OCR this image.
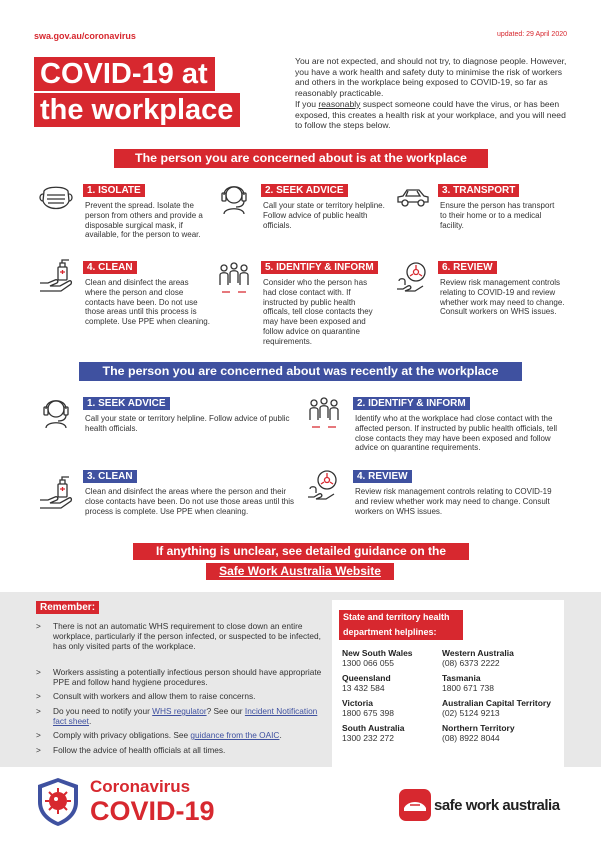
swa.gov.au/coronavirus	updated: 29 April 2020
COVID-19 at
the workplace
You are not expected, and should not try, to diagnose people. However, you have a work health and safety duty to minimise the risk of workers and others in the workplace being exposed to COVID-19, so far as reasonably practicable.
If you reasonably suspect someone could have the virus, or has been exposed, this creates a health risk at your workplace, and you will need to follow the steps below.
The person you are concerned about is at the workplace
1. ISOLATE
Prevent the spread. Isolate the person from others and provide a disposable surgical mask, if available, for the person to wear.
2. SEEK ADVICE
Call your state or territory helpline. Follow advice of public health officials.
3. TRANSPORT
Ensure the person has transport to their home or to a medical facility.
4. CLEAN
Clean and disinfect the areas where the person and close contacts have been. Do not use those areas until this process is complete. Use PPE when cleaning.
5. IDENTIFY & INFORM
Consider who the person has had close contact with. If instructed by public health officals, tell close contacts they may have been exposed and follow advice on quarantine requirements.
6. REVIEW
Review risk management controls relating to COVID-19 and review whether work may need to change. Consult workers on WHS issues.
The person you are concerned about was recently at the workplace
1. SEEK ADVICE
Call your state or territory helpline. Follow advice of public health officials.
2. IDENTIFY & INFORM
Identify who at the workplace had close contact with the affected person. If instructed by public health officials, tell close contacts they may have been exposed and follow advice on quarantine requirements.
3. CLEAN
Clean and disinfect the areas where the person and their close contacts have been. Do not use those areas until this process is complete. Use PPE when cleaning.
4. REVIEW
Review risk management controls relating to COVID-19 and review whether work may need to change. Consult workers on WHS issues.
If anything is unclear, see detailed guidance on the
Safe Work Australia Website
Remember:
> There is not an automatic WHS requirement to close down an entire workplace, particularly if the person infected, or suspected to be infected, has only visited parts of the workplace.
> Workers assisting a potentially infectious person should have appropriate PPE and follow hand hygiene procedures.
> Consult with workers and allow them to raise concerns.
> Do you need to notify your WHS regulator? See our Incident Notification fact sheet.
> Comply with privacy obligations. See guidance from the OAIC.
> Follow the advice of health officials at all times.
State and territory health department helplines:
New South Wales
1300 066 055
Western Australia
(08) 6373 2222
Queensland
13 432 584
Tasmania
1800 671 738
Victoria
1800 675 398
Australian Capital Territory
(02) 5124 9213
South Australia
1300 232 272
Northern Territory
(08) 8922 8044
Coronavirus
COVID-19	safe work australia
